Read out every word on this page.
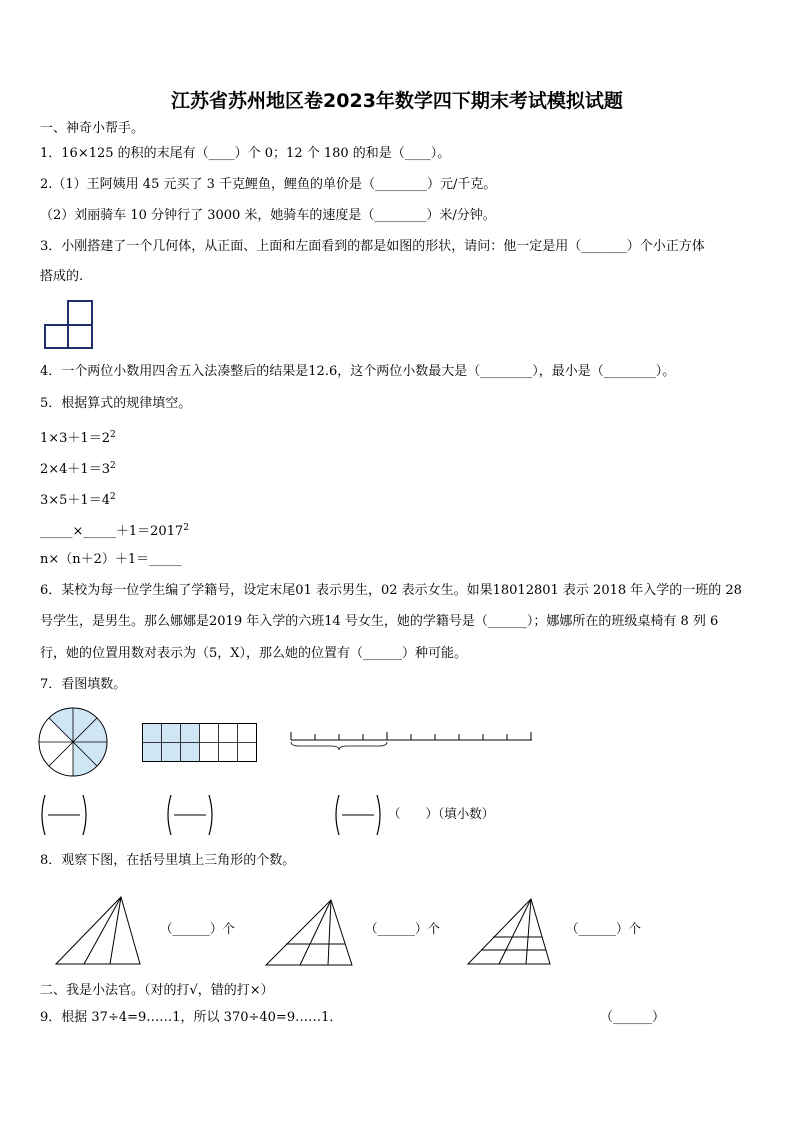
江苏省苏州地区卷2023年数学四下期末考试模拟试题
一、神奇小帮手。
1．16×125 的积的末尾有（____）个 0；12 个 180 的和是（____）。
2.（1）王阿姨用 45 元买了 3 千克鲤鱼，鲤鱼的单价是（________）元/千克。
（2）刘丽骑车 10 分钟行了 3000 米，她骑车的速度是（________）米/分钟。
3．小刚搭建了一个几何体，从正面、上面和左面看到的都是如图的形状，请问：他一定是用（_______）个小正方体
搭成的.
4．一个两位小数用四舍五入法凑整后的结果是12.6，这个两位小数最大是（________），最小是（________）。
5．根据算式的规律填空。
$1\times 3+1=2^2$
$2\times 4+1=3^2$
$3\times 5+1=4^2$
$\_\_\_\_\_\times\_\_\_\_\_+1=2017^2$
n×（n＋2）＋1＝_____
6．某校为每一位学生编了学籍号，设定末尾01 表示男生，02 表示女生。如果18012801 表示 2018 年入学的一班的 28
号学生，是男生。那么娜娜是2019 年入学的六班14 号女生，她的学籍号是（______）；娜娜所在的班级桌椅有 8 列 6
行，她的位置用数对表示为（5，X），那么她的位置有（______）种可能。
7．看图填数。
（　　）（填小数）
8．观察下图，在括号里填上三角形的个数。
（______）个	（______）个	（______）个
二、我是小法官。（对的打√，错的打×）
9．根据 37÷4=9……1，所以 370÷40=9……1．	（______）
